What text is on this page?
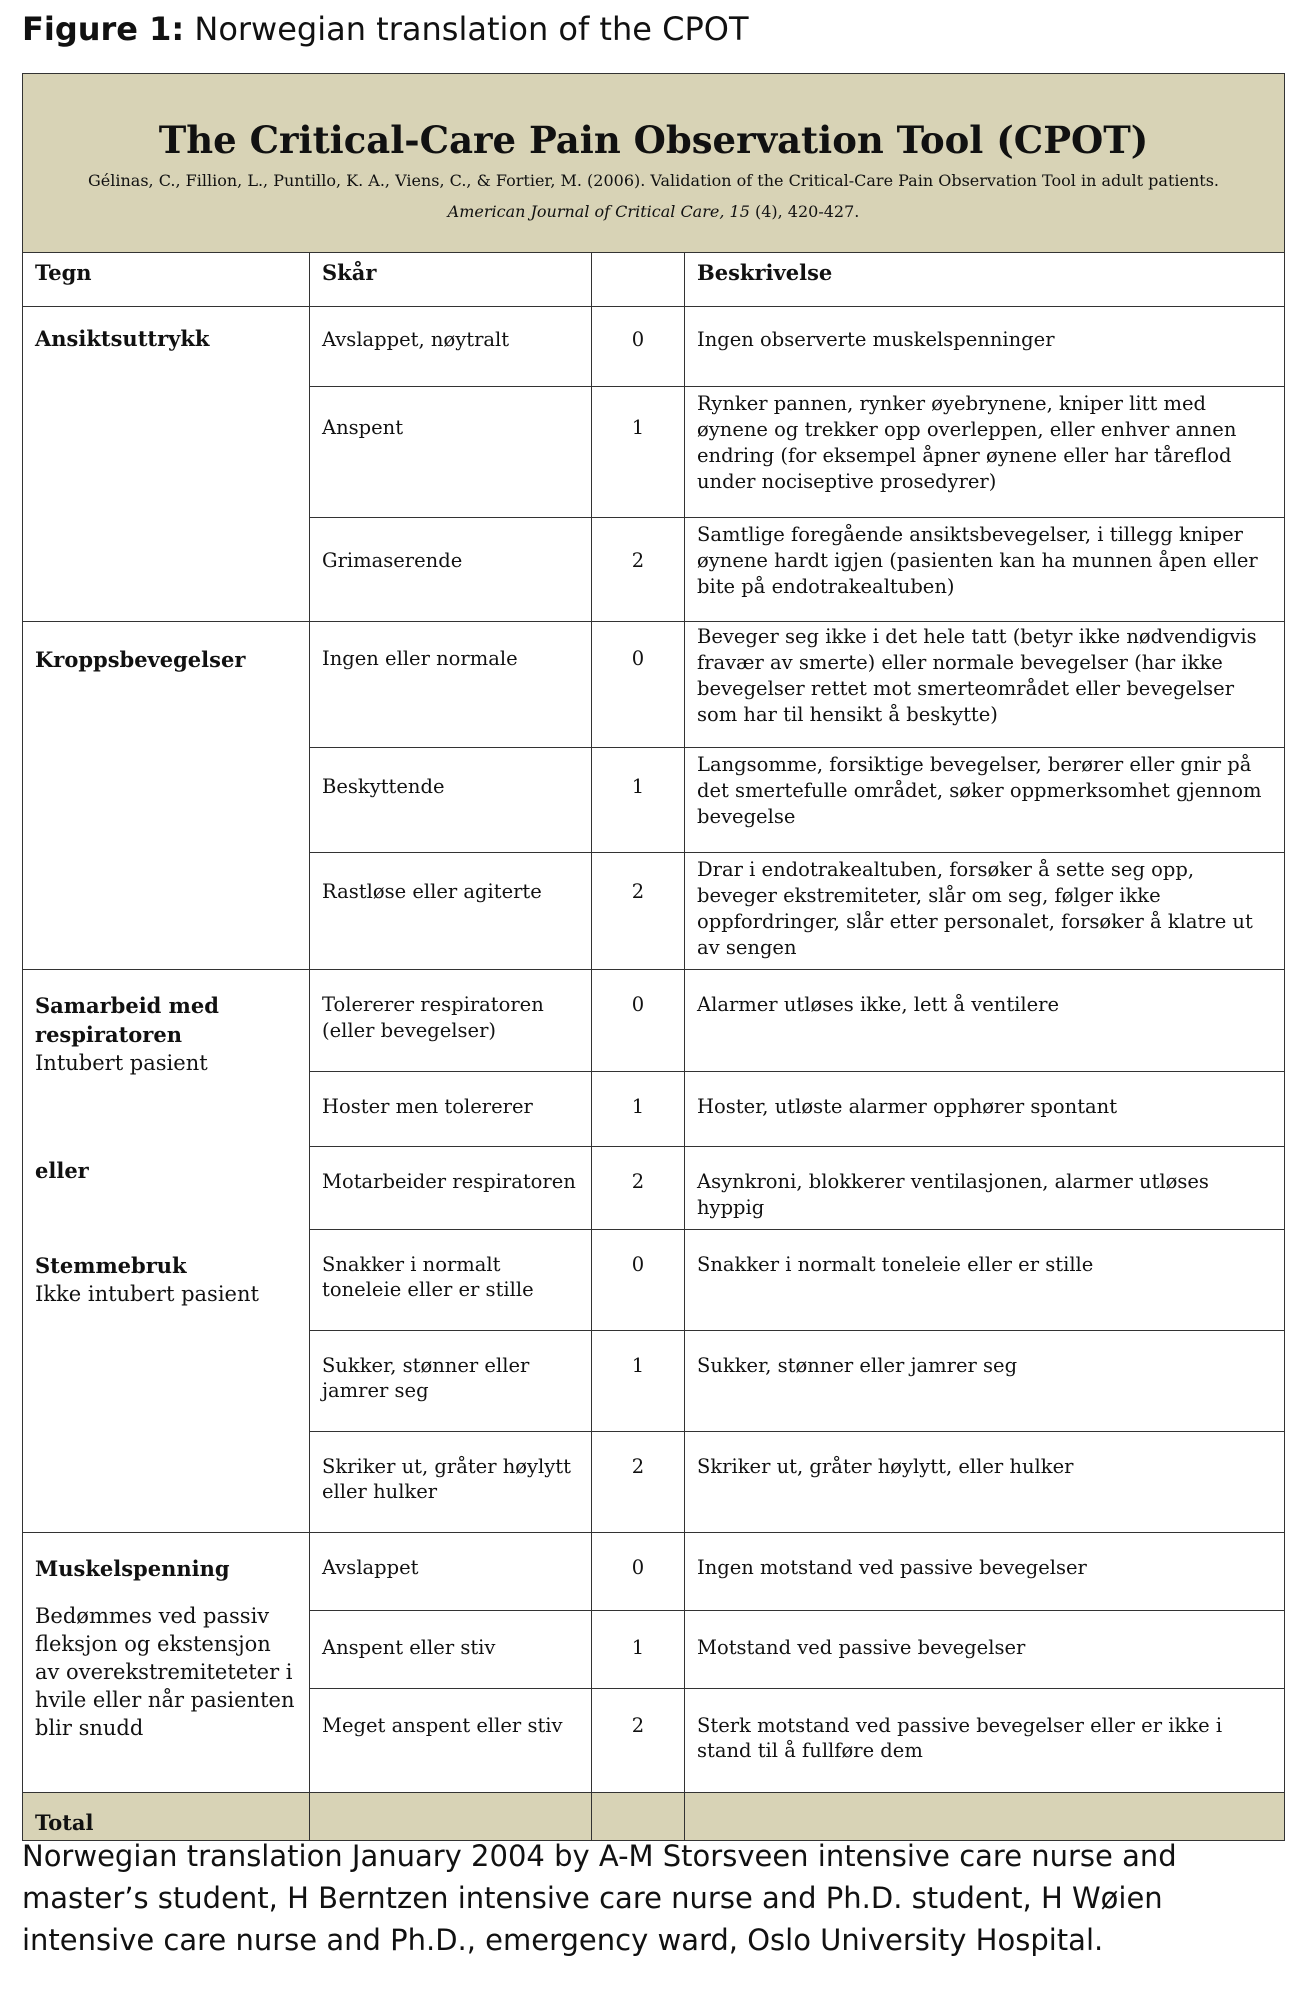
Figure 1: Norwegian translation of the CPOT
The Critical-Care Pain Observation Tool (CPOT)
Gélinas, C., Fillion, L., Puntillo, K. A., Viens, C., & Fortier, M. (2006). Validation of the Critical-Care Pain Observation Tool in adult patients.
American Journal of Critical Care, 15 (4), 420-427.			

Tegn	Skår		Beskrivelse
Ansiktsuttrykk	Avslappet, nøytralt	0	Ingen observerte muskelspenninger
	Anspent	1	Rynker pannen, rynker øyebrynene, kniper litt med øynene og trekker opp overleppen, eller enhver annen endring (for eksempel åpner øynene eller har tåreflod under nociseptive prosedyrer)
	Grimaserende	2	Samtlige foregående ansiktsbevegelser, i tillegg kniper øynene hardt igjen (pasienten kan ha munnen åpen eller bite på endotrakealtuben)
Kroppsbevegelser	Ingen eller normale	0	Beveger seg ikke i det hele tatt (betyr ikke nødvendigvis fravær av smerte) eller normale bevegelser (har ikke bevegelser rettet mot smerteområdet eller bevegelser som har til hensikt å beskytte)
	Beskyttende	1	Langsomme, forsiktige bevegelser, berører eller gnir på det smertefulle området, søker oppmerksomhet gjennom bevegelse
	Rastløse eller agiterte	2	Drar i endotrakealtuben, forsøker å sette seg opp, beveger ekstremiteter, slår om seg, følger ikke oppfordringer, slår etter personalet, forsøker å klatre ut av sengen
Samarbeid med respiratoren
Intubert pasient
eller
Stemmebruk
Ikke intubert pasient	Tolererer respiratoren (eller bevegelser)	0	Alarmer utløses ikke, lett å ventilere
	Hoster men tolererer	1	Hoster, utløste alarmer opphører spontant
	Motarbeider respiratoren	2	Asynkroni, blokkerer ventilasjonen, alarmer utløses hyppig
	Snakker i normalt toneleie eller er stille	0	Snakker i normalt toneleie eller er stille
	Sukker, stønner eller jamrer seg	1	Sukker, stønner eller jamrer seg
	Skriker ut, gråter høylytt eller hulker	2	Skriker ut, gråter høylytt, eller hulker
Muskelspenning
Bedømmes ved passiv fleksjon og ekstensjon av overekstremiteteter i hvile eller når pasienten blir snudd	Avslappet	0	Ingen motstand ved passive bevegelser
	Anspent eller stiv	1	Motstand ved passive bevegelser
	Meget anspent eller stiv	2	Sterk motstand ved passive bevegelser eller er ikke i stand til å fullføre dem
Total			
Norwegian translation January 2004 by A-M Storsveen intensive care nurse and master’s student, H Berntzen intensive care nurse and Ph.D. student, H Wøien intensive care nurse and Ph.D., emergency ward, Oslo University Hospital.
